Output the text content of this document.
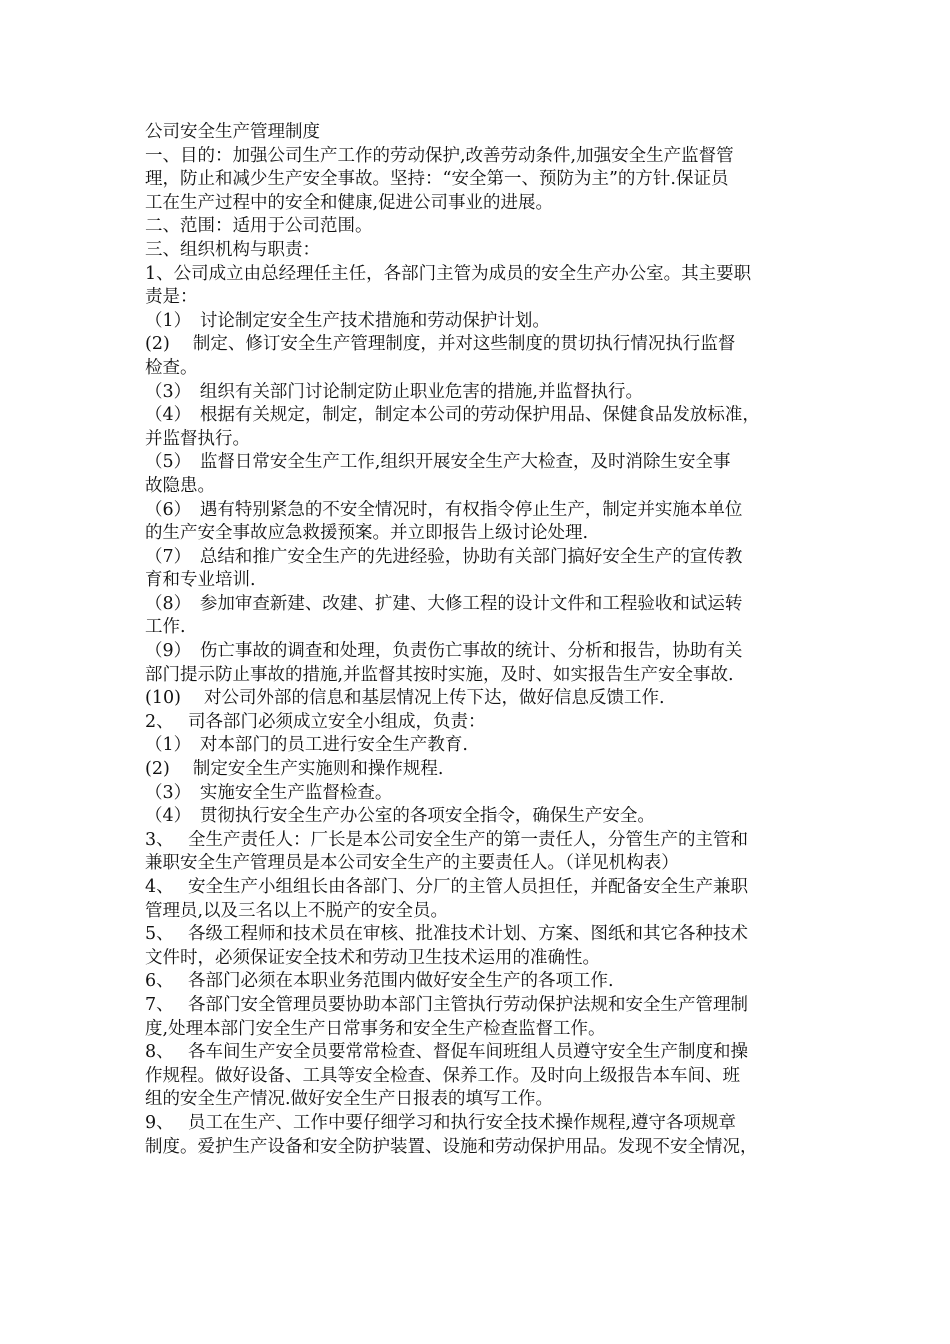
公司安全生产管理制度
一、目的：加强公司生产工作的劳动保护,改善劳动条件,加强安全生产监督管
理，防止和减少生产安全事故。坚持：“安全第一、预防为主”的方针.保证员
工在生产过程中的安全和健康,促进公司事业的进展。
二、范围：适用于公司范围。
三、组织机构与职责：
1、公司成立由总经理任主任，各部门主管为成员的安全生产办公室。其主要职
责是：
（1）　讨论制定安全生产技术措施和劳动保护计划。
(2)　 制定、修订安全生产管理制度，并对这些制度的贯切执行情况执行监督
检查。
（3）　组织有关部门讨论制定防止职业危害的措施,并监督执行。
（4）　根据有关规定，制定，制定本公司的劳动保护用品、保健食品发放标准，
并监督执行。
（5）　监督日常安全生产工作,组织开展安全生产大检查，及时消除生安全事
故隐患。
（6）　遇有特别紧急的不安全情况时，有权指令停止生产，制定并实施本单位
的生产安全事故应急救援预案。并立即报告上级讨论处理.
（7）　总结和推广安全生产的先进经验，协助有关部门搞好安全生产的宣传教
育和专业培训.
（8）　参加审查新建、改建、扩建、大修工程的设计文件和工程验收和试运转
工作.
（9）　伤亡事故的调查和处理，负责伤亡事故的统计、分析和报告，协助有关
部门提示防止事故的措施,并监督其按时实施，及时、如实报告生产安全事故.
(10)　 对公司外部的信息和基层情况上传下达，做好信息反馈工作.
2、　 司各部门必须成立安全小组成，负责：
（1）　对本部门的员工进行安全生产教育.
(2)　 制定安全生产实施则和操作规程.
（3）　实施安全生产监督检查。
（4）　贯彻执行安全生产办公室的各项安全指令，确保生产安全。
3、　 全生产责任人：厂长是本公司安全生产的第一责任人，分管生产的主管和
兼职安全生产管理员是本公司安全生产的主要责任人。（详见机构表）
4、　 安全生产小组组长由各部门、分厂的主管人员担任，并配备安全生产兼职
管理员,以及三名以上不脱产的安全员。
5、　 各级工程师和技术员在审核、批准技术计划、方案、图纸和其它各种技术
文件时，必须保证安全技术和劳动卫生技术运用的准确性。
6、　 各部门必须在本职业务范围内做好安全生产的各项工作.
7、　 各部门安全管理员要协助本部门主管执行劳动保护法规和安全生产管理制
度,处理本部门安全生产日常事务和安全生产检查监督工作。
8、　 各车间生产安全员要常常检查、督促车间班组人员遵守安全生产制度和操
作规程。做好设备、工具等安全检查、保养工作。及时向上级报告本车间、班
组的安全生产情况.做好安全生产日报表的填写工作。
9、　 员工在生产、工作中要仔细学习和执行安全技术操作规程,遵守各项规章
制度。爱护生产设备和安全防护装置、设施和劳动保护用品。发现不安全情况，
